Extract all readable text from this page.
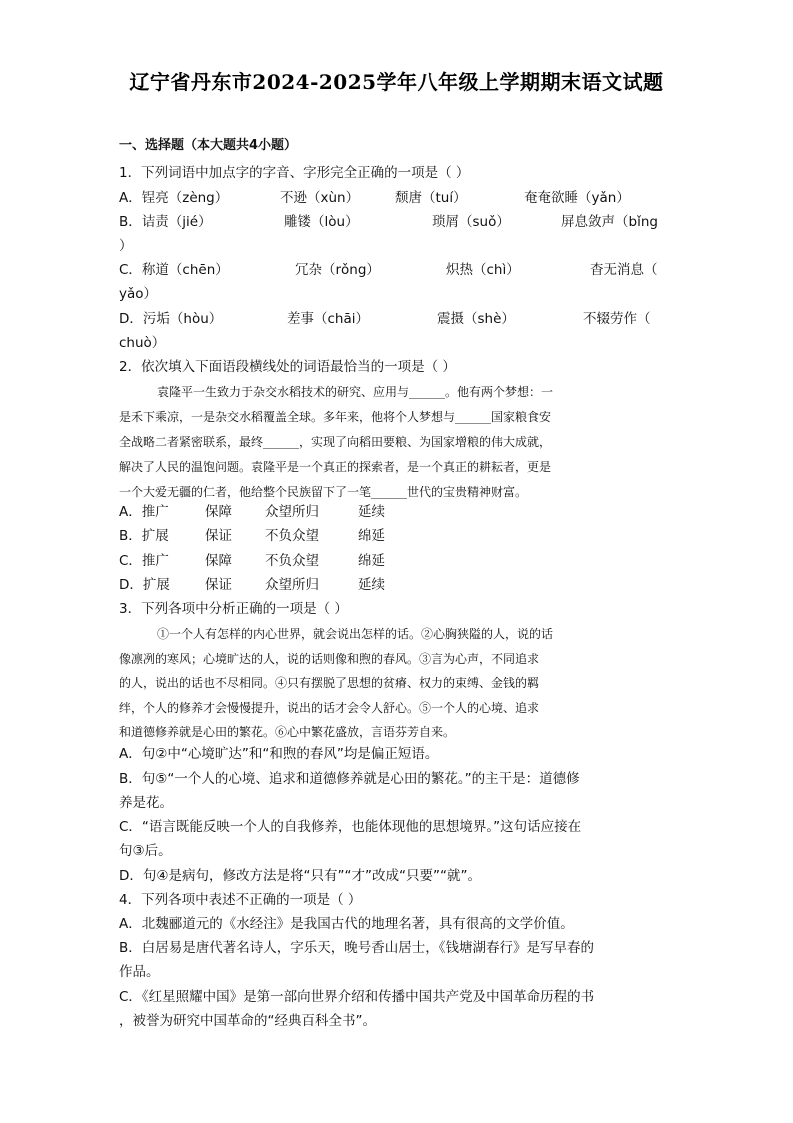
辽宁省丹东市2024-2025学年八年级上学期期末语文试题
一、选择题（本大题共4小题）
1．下列词语中加点字的字音、字形完全正确的一项是（ ）
A．锃亮（zèng）	不逊（xùn）	颓唐（tuí）	奄奄欲睡（yǎn）
B．诘责（jié）	雕镂（lòu）	琐屑（suǒ）	屏息敛声（bǐng
）
C．称道（chēn）	冗杂（rǒng）	炽热（chì）	杳无消息（
yǎo）
D．污垢（hòu）	差事（chāi）	震摄（shè）	不辍劳作（
chuò）
2．依次填入下面语段横线处的词语最恰当的一项是（ ）
袁隆平一生致力于杂交水稻技术的研究、应用与______。他有两个梦想：一
是禾下乘凉，一是杂交水稻覆盖全球。多年来，他将个人梦想与______国家粮食安
全战略二者紧密联系，最终______，实现了向稻田要粮、为国家增粮的伟大成就，
解决了人民的温饱问题。袁隆平是一个真正的探索者，是一个真正的耕耘者，更是
一个大爱无疆的仁者，他给整个民族留下了一笔______世代的宝贵精神财富。
A．推广	保障 众望所归	延续
B．扩展	保证 不负众望	绵延
C．推广	保障 不负众望	绵延
D．扩展	保证 众望所归	延续
3．下列各项中分析正确的一项是（ ）
①一个人有怎样的内心世界，就会说出怎样的话。②心胸狭隘的人，说的话
像凛冽的寒风；心境旷达的人，说的话则像和煦的春风。③言为心声，不同追求
的人，说出的话也不尽相同。④只有摆脱了思想的贫瘠、权力的束缚、金钱的羁
绊，个人的修养才会慢慢提升，说出的话才会令人舒心。⑤一个人的心境、追求
和道德修养就是心田的繁花。⑥心中繁花盛放，言语芬芳自来。
A．句②中“心境旷达”和“和煦的春风”均是偏正短语。
B．句⑤“一个人的心境、追求和道德修养就是心田的繁花。”的主干是：道德修
养是花。
C．“语言既能反映一个人的自我修养，也能体现他的思想境界。”这句话应接在
句③后。
D．句④是病句，修改方法是将“只有”“才”改成“只要”“就”。
4．下列各项中表述不正确的一项是（ ）
A．北魏郦道元的《水经注》是我国古代的地理名著，具有很高的文学价值。
B．白居易是唐代著名诗人，字乐天，晚号香山居士，《钱塘湖春行》是写早春的
作品。
C．《红星照耀中国》是第一部向世界介绍和传播中国共产党及中国革命历程的书
，被誉为研究中国革命的“经典百科全书”。
